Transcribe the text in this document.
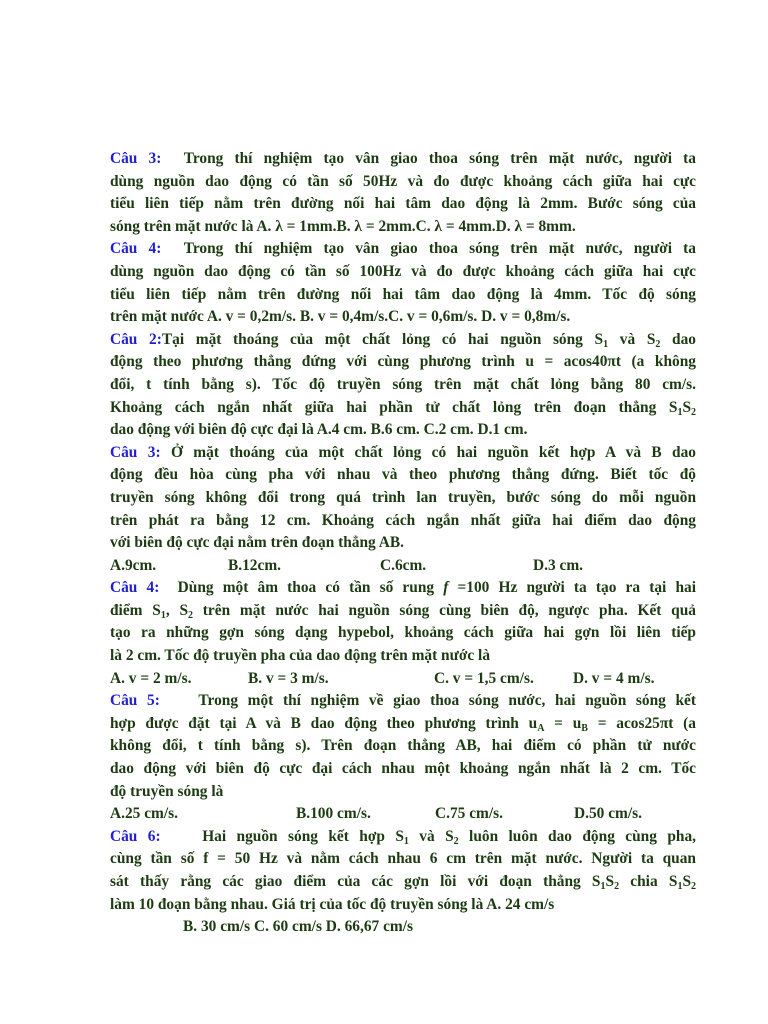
Câu 3: Trong thí nghiệm tạo vân giao thoa sóng trên mặt nước, người ta
dùng nguồn dao động có tần số 50Hz và đo được khoảng cách giữa hai cực
tiểu liên tiếp nằm trên đường nối hai tâm dao động là 2mm. Bước sóng của
sóng trên mặt nước là A. λ = 1mm.B. λ = 2mm.C. λ = 4mm.D. λ = 8mm.
Câu 4: Trong thí nghiệm tạo vân giao thoa sóng trên mặt nước, người ta
dùng nguồn dao động có tần số 100Hz và đo được khoảng cách giữa hai cực
tiểu liên tiếp nằm trên đường nối hai tâm dao động là 4mm. Tốc độ sóng
trên mặt nước A. v = 0,2m/s. B. v = 0,4m/s.C. v = 0,6m/s. D. v = 0,8m/s.
Câu 2:Tại mặt thoáng của một chất lỏng có hai nguồn sóng $S_1$ và $S_2$ dao
động theo phương thẳng đứng với cùng phương trình u = acos40πt (a không
đổi, t tính bằng s). Tốc độ truyền sóng trên mặt chất lỏng bằng 80 cm/s.
Khoảng cách ngắn nhất giữa hai phần tử chất lỏng trên đoạn thẳng $S_1S_2$
dao động với biên độ cực đại là A.4 cm. B.6 cm. C.2 cm. D.1 cm.
Câu 3: Ở mặt thoáng của một chất lỏng có hai nguồn kết hợp A và B dao
động đều hòa cùng pha với nhau và theo phương thẳng đứng. Biết tốc độ
truyền sóng không đổi trong quá trình lan truyền, bước sóng do mỗi nguồn
trên phát ra bằng 12 cm. Khoảng cách ngắn nhất giữa hai điểm dao động
với biên độ cực đại nằm trên đoạn thẳng AB.
A.9cm.	B.12cm.	C.6cm.	D.3 cm.
Câu 4: Dùng một âm thoa có tần số rung f =100 Hz người ta tạo ra tại hai
điểm $S_1$, $S_2$ trên mặt nước hai nguồn sóng cùng biên độ, ngược pha. Kết quả
tạo ra những gợn sóng dạng hypebol, khoảng cách giữa hai gợn lồi liên tiếp
là 2 cm. Tốc độ truyền pha của dao động trên mặt nước là
A. v = 2 m/s.	B. v = 3 m/s.	C. v = 1,5 cm/s.	D. v = 4 m/s.
Câu 5:	Trong một thí nghiệm về giao thoa sóng nước, hai nguồn sóng kết
hợp được đặt tại A và B dao động theo phương trình $u_A = u_B = acos25\pi t$ (a
không đổi, t tính bằng s). Trên đoạn thẳng AB, hai điểm có phần tử nước
dao động với biên độ cực đại cách nhau một khoảng ngắn nhất là 2 cm. Tốc
độ truyền sóng là
A.25 cm/s.	B.100 cm/s.	C.75 cm/s.	D.50 cm/s.
Câu 6:	Hai nguồn sóng kết hợp $S_1$ và $S_2$ luôn luôn dao động cùng pha,
cùng tần số f = 50 Hz và nằm cách nhau 6 cm trên mặt nước. Người ta quan
sát thấy rằng các giao điểm của các gợn lồi với đoạn thẳng $S_1S_2$ chia $S_1S_2$
làm 10 đoạn bằng nhau. Giá trị của tốc độ truyền sóng là A. 24 cm/s
B. 30 cm/s C. 60 cm/s D. 66,67 cm/s
